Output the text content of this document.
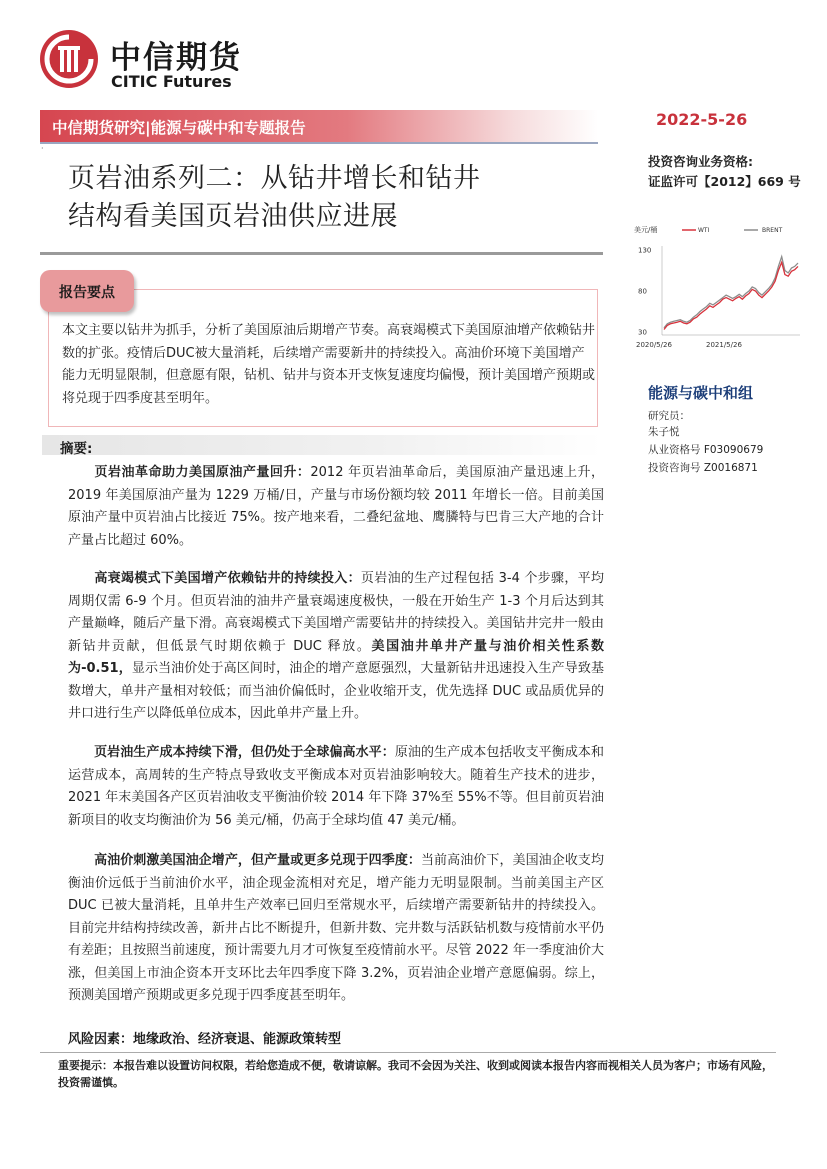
中信期货
CITIC Futures
2022-5-26
中信期货研究|能源与碳中和专题报告
·
投资咨询业务资格:
证监许可【2012】669 号
页岩油系列二：从钻井增长和钻井
结构看美国页岩油供应进展
报告要点
本文主要以钻井为抓手，分析了美国原油后期增产节奏。高衰竭模式下美国原油增产依赖钻井数的扩张。疫情后DUC被大量消耗，后续增产需要新井的持续投入。高油价环境下美国增产能力无明显限制，但意愿有限，钻机、钻井与资本开支恢复速度均偏慢，预计美国增产预期或将兑现于四季度甚至明年。
摘要:
页岩油革命助力美国原油产量回升：2012 年页岩油革命后，美国原油产量迅速上升，2019 年美国原油产量为 1229 万桶/日，产量与市场份额均较 2011 年增长一倍。目前美国原油产量中页岩油占比接近 75%。按产地来看，二叠纪盆地、鹰膦特与巴肯三大产地的合计产量占比超过 60%。
高衰竭模式下美国增产依赖钻井的持续投入：页岩油的生产过程包括 3-4 个步骤，平均周期仅需 6-9 个月。但页岩油的油井产量衰竭速度极快，一般在开始生产 1-3 个月后达到其产量巅峰，随后产量下滑。高衰竭模式下美国增产需要钻井的持续投入。美国钻井完井一般由新钻井贡献，但低景气时期依赖于 DUC 释放。美国油井单井产量与油价相关性系数为-0.51，显示当油价处于高区间时，油企的增产意愿强烈，大量新钻井迅速投入生产导致基数增大，单井产量相对较低；而当油价偏低时，企业收缩开支，优先选择 DUC 或品质优异的井口进行生产以降低单位成本，因此单井产量上升。
页岩油生产成本持续下滑，但仍处于全球偏高水平：原油的生产成本包括收支平衡成本和运营成本，高周转的生产特点导致收支平衡成本对页岩油影响较大。随着生产技术的进步，2021 年末美国各产区页岩油收支平衡油价较 2014 年下降 37%至 55%不等。但目前页岩油新项目的收支均衡油价为 56 美元/桶，仍高于全球均值 47 美元/桶。
高油价刺激美国油企增产，但产量或更多兑现于四季度：当前高油价下，美国油企收支均衡油价远低于当前油价水平，油企现金流相对充足，增产能力无明显限制。当前美国主产区 DUC 已被大量消耗，且单井生产效率已回归至常规水平，后续增产需要新钻井的持续投入。目前完井结构持续改善，新井占比不断提升，但新井数、完井数与活跃钻机数与疫情前水平仍有差距；且按照当前速度，预计需要九月才可恢复至疫情前水平。尽管 2022 年一季度油价大涨，但美国上市油企资本开支环比去年四季度下降 3.2%，页岩油企业增产意愿偏弱。综上，预测美国增产预期或更多兑现于四季度甚至明年。
风险因素：地缘政治、经济衰退、能源政策转型
重要提示：本报告难以设置访问权限，若给您造成不便，敬请谅解。我司不会因为关注、收到或阅读本报告内容而视相关人员为客户；市场有风险，投资需谨慎。
美元/桶	WTI	BRENT
30
80
130
2020/5/26	2021/5/26
能源与碳中和组
研究员：
朱子悦
从业资格号 F03090679
投资咨询号 Z0016871
